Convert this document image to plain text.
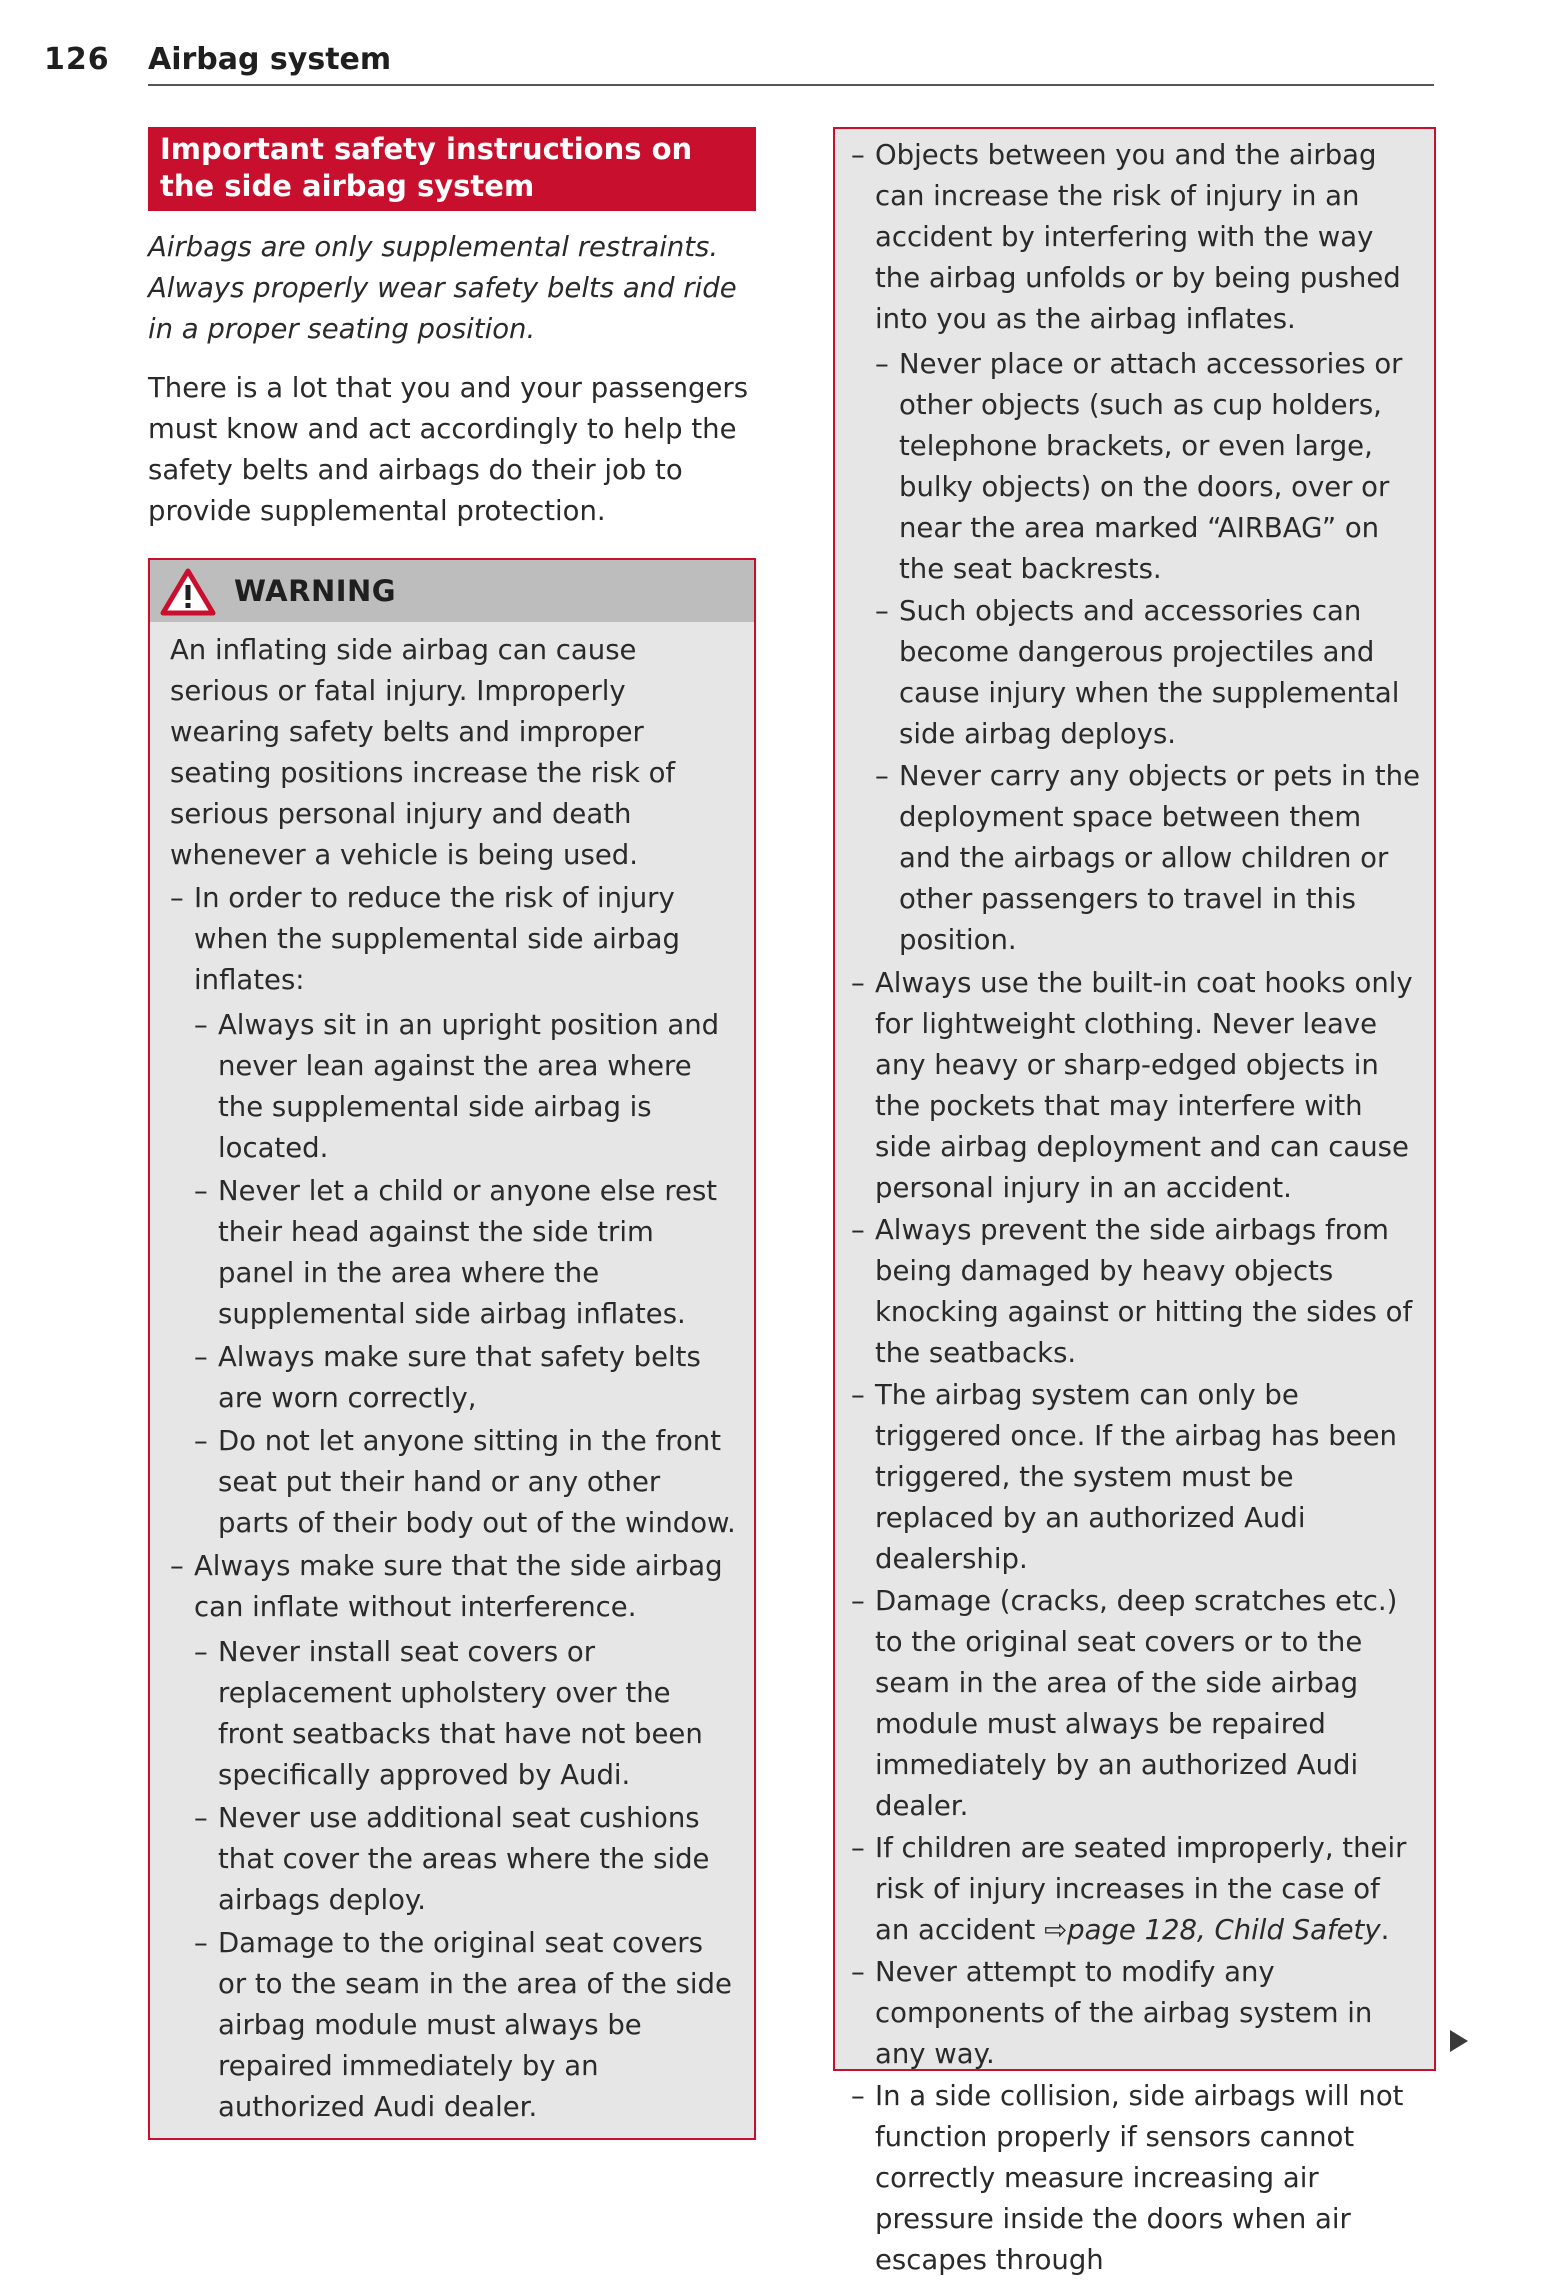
126 Airbag system
Important safety instructions on the side airbag system

Airbags are only supplemental restraints. Always properly wear safety belts and ride in a proper seating position.

There is a lot that you and your passengers must know and act accordingly to help the safety belts and airbags do their job to provide supplemental protection.

WARNING

An inflating side airbag can cause serious or fatal injury. Improperly wearing safety belts and improper seating positions increase the risk of serious personal injury and death whenever a vehicle is being used.

– In order to reduce the risk of injury when the supplemental side airbag inflates:
– Always sit in an upright position and never lean against the area where the supplemental side airbag is located.
– Never let a child or anyone else rest their head against the side trim panel in the area where the supplemental side airbag inflates.
– Always make sure that safety belts are worn correctly,
– Do not let anyone sitting in the front seat put their hand or any other parts of their body out of the window.
– Always make sure that the side airbag can inflate without interference.
– Never install seat covers or replacement upholstery over the front seatbacks that have not been specifically approved by Audi.
– Never use additional seat cushions that cover the areas where the side airbags deploy.
– Damage to the original seat covers or to the seam in the area of the side airbag module must always be repaired immediately by an authorized Audi dealer.
– Objects between you and the airbag can increase the risk of injury in an accident by interfering with the way the airbag unfolds or by being pushed into you as the airbag inflates.
– Never place or attach accessories or other objects (such as cup holders, telephone brackets, or even large, bulky objects) on the doors, over or near the area marked “AIRBAG” on the seat backrests.
– Such objects and accessories can become dangerous projectiles and cause injury when the supplemental side airbag deploys.
– Never carry any objects or pets in the deployment space between them and the airbags or allow children or other passengers to travel in this position.
– Always use the built-in coat hooks only for lightweight clothing. Never leave any heavy or sharp-edged objects in the pockets that may interfere with side airbag deployment and can cause personal injury in an accident.
– Always prevent the side airbags from being damaged by heavy objects knocking against or hitting the sides of the seatbacks.
– The airbag system can only be triggered once. If the airbag has been triggered, the system must be replaced by an authorized Audi dealership.
– Damage (cracks, deep scratches etc.) to the original seat covers or to the seam in the area of the side airbag module must always be repaired immediately by an authorized Audi dealer.
– If children are seated improperly, their risk of injury increases in the case of an accident ⇨page 128, Child Safety.
– Never attempt to modify any components of the airbag system in any way.
– In a side collision, side airbags will not function properly if sensors cannot correctly measure increasing air pressure inside the doors when air escapes through
